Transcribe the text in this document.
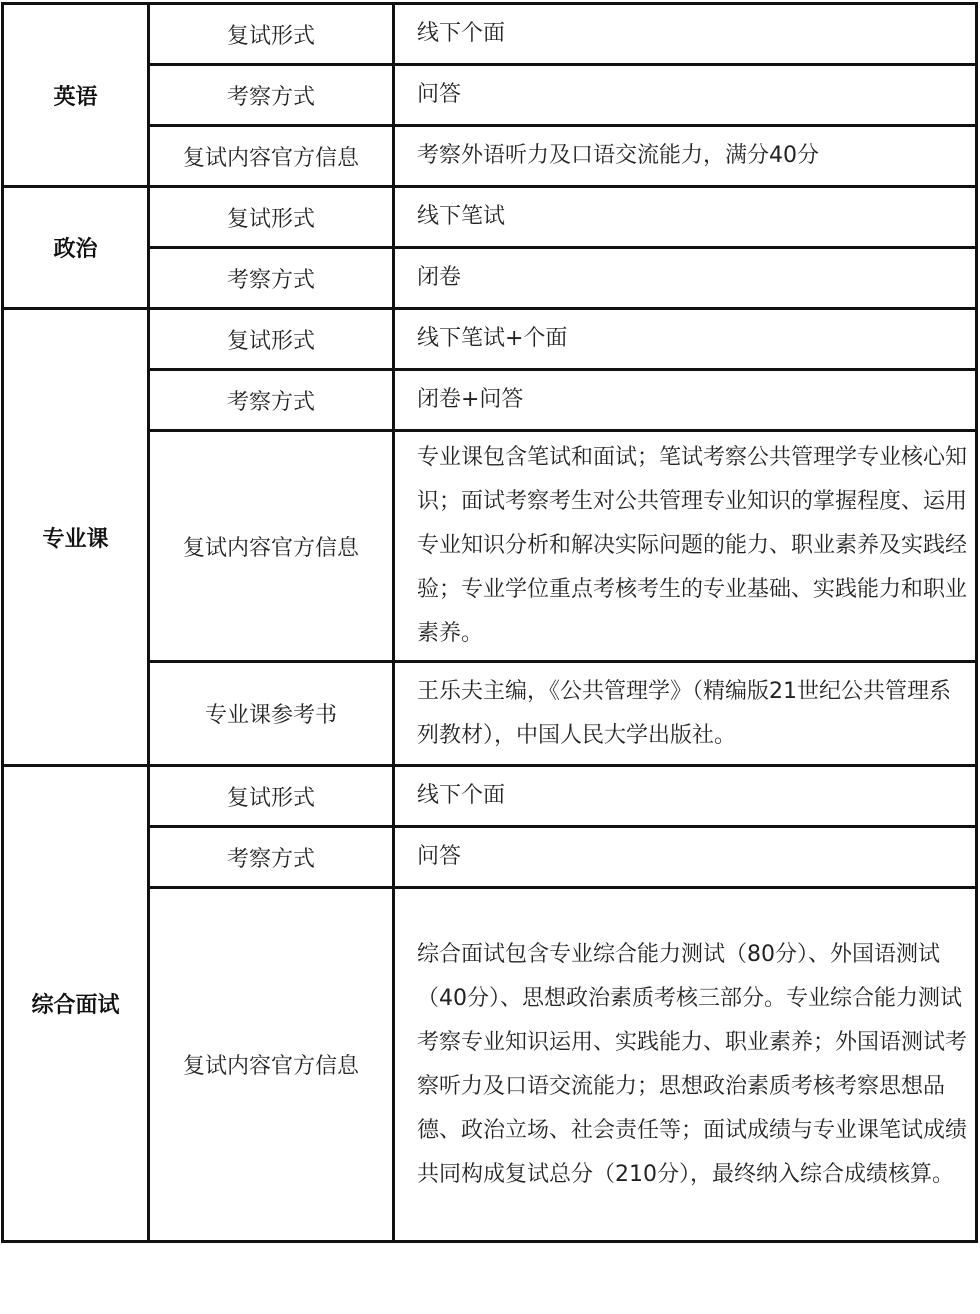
英语	复试形式	线下个面
	考察方式	问答
	复试内容官方信息	考察外语听力及口语交流能力，满分40分
政治	复试形式	线下笔试
	考察方式	闭卷
专业课	复试形式	线下笔试+个面
	考察方式	闭卷+问答
	复试内容官方信息	专业课包含笔试和面试；笔试考察公共管理学专业核心知识；面试考察考生对公共管理专业知识的掌握程度、运用专业知识分析和解决实际问题的能力、职业素养及实践经验；专业学位重点考核考生的专业基础、实践能力和职业素养。
	专业课参考书	王乐夫主编，《公共管理学》（精编版21世纪公共管理系列教材），中国人民大学出版社。
综合面试	复试形式	线下个面
	考察方式	问答
	复试内容官方信息	综合面试包含专业综合能力测试（80分）、外国语测试（40分）、思想政治素质考核三部分。专业综合能力测试考察专业知识运用、实践能力、职业素养；外国语测试考察听力及口语交流能力；思想政治素质考核考察思想品德、政治立场、社会责任等；面试成绩与专业课笔试成绩共同构成复试总分（210分），最终纳入综合成绩核算。
